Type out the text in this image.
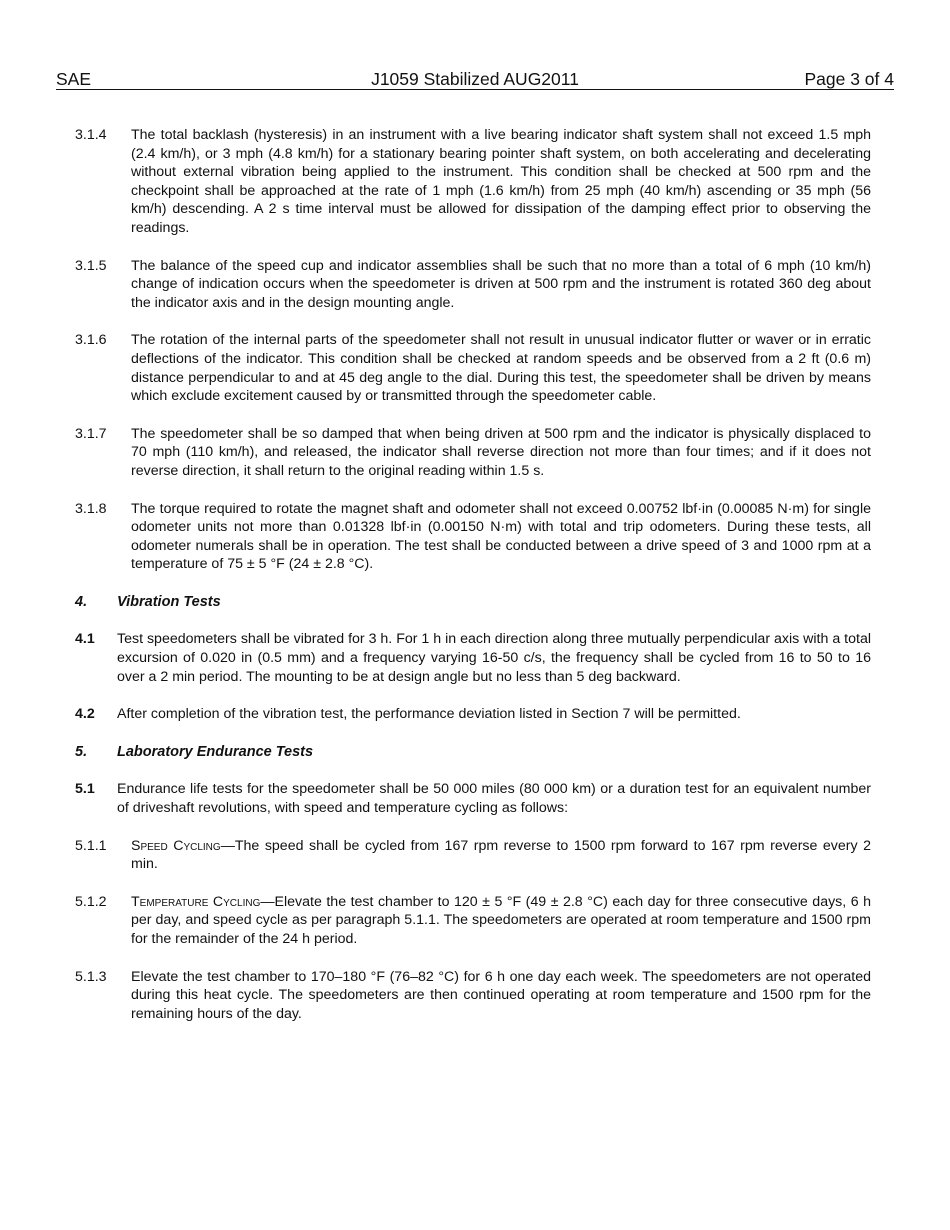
SAE	J1059 Stabilized AUG2011	Page 3 of 4
3.1.4	The total backlash (hysteresis) in an instrument with a live bearing indicator shaft system shall not exceed 1.5 mph (2.4 km/h), or 3 mph (4.8 km/h) for a stationary bearing pointer shaft system, on both accelerating and decelerating without external vibration being applied to the instrument. This condition shall be checked at 500 rpm and the checkpoint shall be approached at the rate of 1 mph (1.6 km/h) from 25 mph (40 km/h) ascending or 35 mph (56 km/h) descending. A 2 s time interval must be allowed for dissipation of the damping effect prior to observing the readings.
3.1.5	The balance of the speed cup and indicator assemblies shall be such that no more than a total of 6 mph (10 km/h) change of indication occurs when the speedometer is driven at 500 rpm and the instrument is rotated 360 deg about the indicator axis and in the design mounting angle.
3.1.6	The rotation of the internal parts of the speedometer shall not result in unusual indicator flutter or waver or in erratic deflections of the indicator. This condition shall be checked at random speeds and be observed from a 2 ft (0.6 m) distance perpendicular to and at 45 deg angle to the dial. During this test, the speedometer shall be driven by means which exclude excitement caused by or transmitted through the speedometer cable.
3.1.7	The speedometer shall be so damped that when being driven at 500 rpm and the indicator is physically displaced to 70 mph (110 km/h), and released, the indicator shall reverse direction not more than four times; and if it does not reverse direction, it shall return to the original reading within 1.5 s.
3.1.8	The torque required to rotate the magnet shaft and odometer shall not exceed 0.00752 lbf·in (0.00085 N·m) for single odometer units not more than 0.01328 lbf·in (0.00150 N·m) with total and trip odometers. During these tests, all odometer numerals shall be in operation. The test shall be conducted between a drive speed of 3 and 1000 rpm at a temperature of 75 ± 5 °F (24 ± 2.8 °C).
4.	Vibration Tests
4.1	Test speedometers shall be vibrated for 3 h. For 1 h in each direction along three mutually perpendicular axis with a total excursion of 0.020 in (0.5 mm) and a frequency varying 16-50 c/s, the frequency shall be cycled from 16 to 50 to 16 over a 2 min period. The mounting to be at design angle but no less than 5 deg backward.
4.2	After completion of the vibration test, the performance deviation listed in Section 7 will be permitted.
5.	Laboratory Endurance Tests
5.1	Endurance life tests for the speedometer shall be 50 000 miles (80 000 km) or a duration test for an equivalent number of driveshaft revolutions, with speed and temperature cycling as follows:
5.1.1	Speed Cycling—The speed shall be cycled from 167 rpm reverse to 1500 rpm forward to 167 rpm reverse every 2 min.
5.1.2	Temperature Cycling—Elevate the test chamber to 120 ± 5 °F (49 ± 2.8 °C) each day for three consecutive days, 6 h per day, and speed cycle as per paragraph 5.1.1. The speedometers are operated at room temperature and 1500 rpm for the remainder of the 24 h period.
5.1.3	Elevate the test chamber to 170–180 °F (76–82 °C) for 6 h one day each week. The speedometers are not operated during this heat cycle. The speedometers are then continued operating at room temperature and 1500 rpm for the remaining hours of the day.
